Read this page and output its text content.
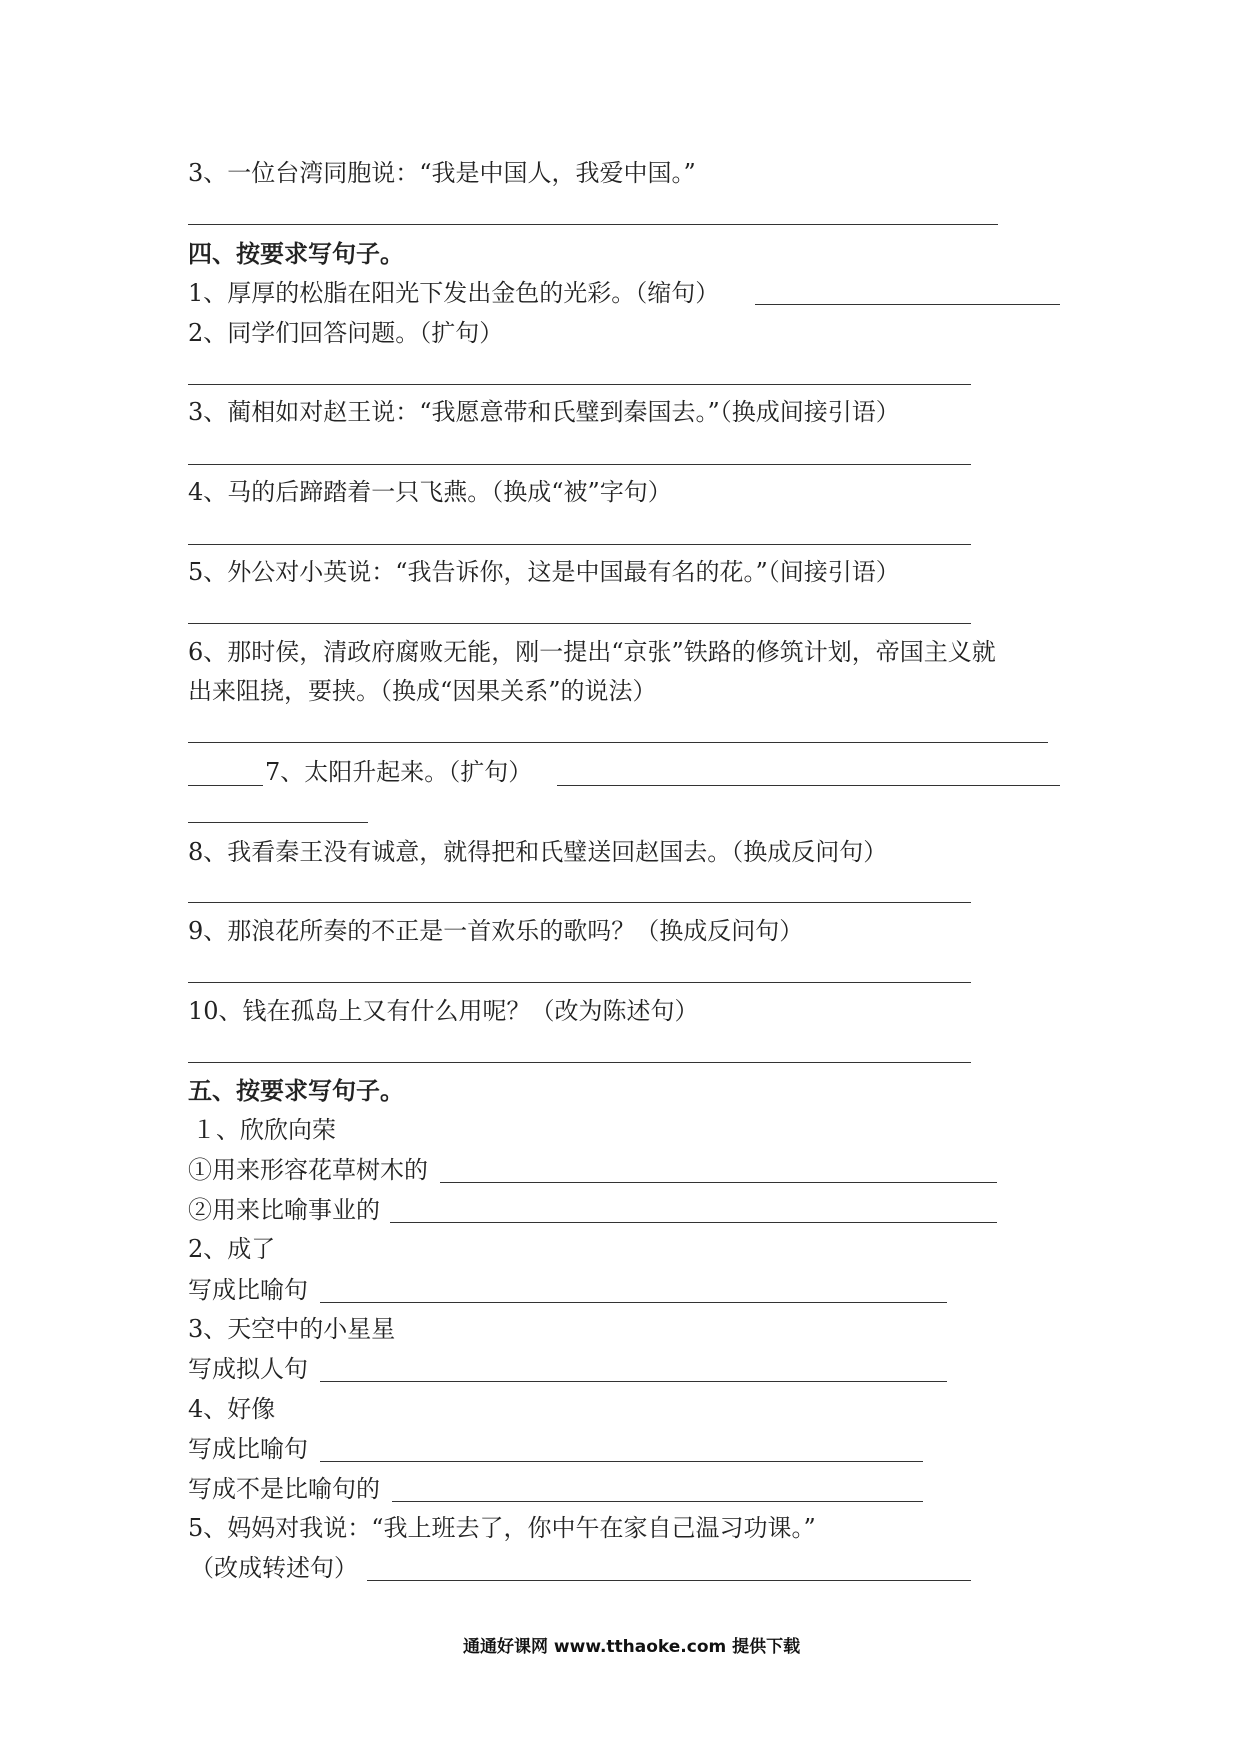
3、一位台湾同胞说：“我是中国人，我爱中国。”
四、按要求写句子。
1、厚厚的松脂在阳光下发出金色的光彩。（缩句）
2、同学们回答问题。（扩句）
3、蔺相如对赵王说：“我愿意带和氏璧到秦国去。”（换成间接引语）
4、马的后蹄踏着一只飞燕。（换成“被”字句）
5、外公对小英说：“我告诉你，这是中国最有名的花。”（间接引语）
6、那时侯，清政府腐败无能，刚一提出“京张”铁路的修筑计划，帝国主义就
出来阻挠，要挟。（换成“因果关系”的说法）
7、太阳升起来。（扩句）
8、我看秦王没有诚意，就得把和氏璧送回赵国去。（换成反问句）
9、那浪花所奏的不正是一首欢乐的歌吗？（换成反问句）
10、钱在孤岛上又有什么用呢？（改为陈述句）
五、按要求写句子。
１、欣欣向荣
①用来形容花草树木的
②用来比喻事业的
2、成了
写成比喻句
3、天空中的小星星
写成拟人句
4、好像
写成比喻句
写成不是比喻句的
5、妈妈对我说：“我上班去了，你中午在家自己温习功课。”
（改成转述句）
通通好课网 www.tthaoke.com 提供下载
